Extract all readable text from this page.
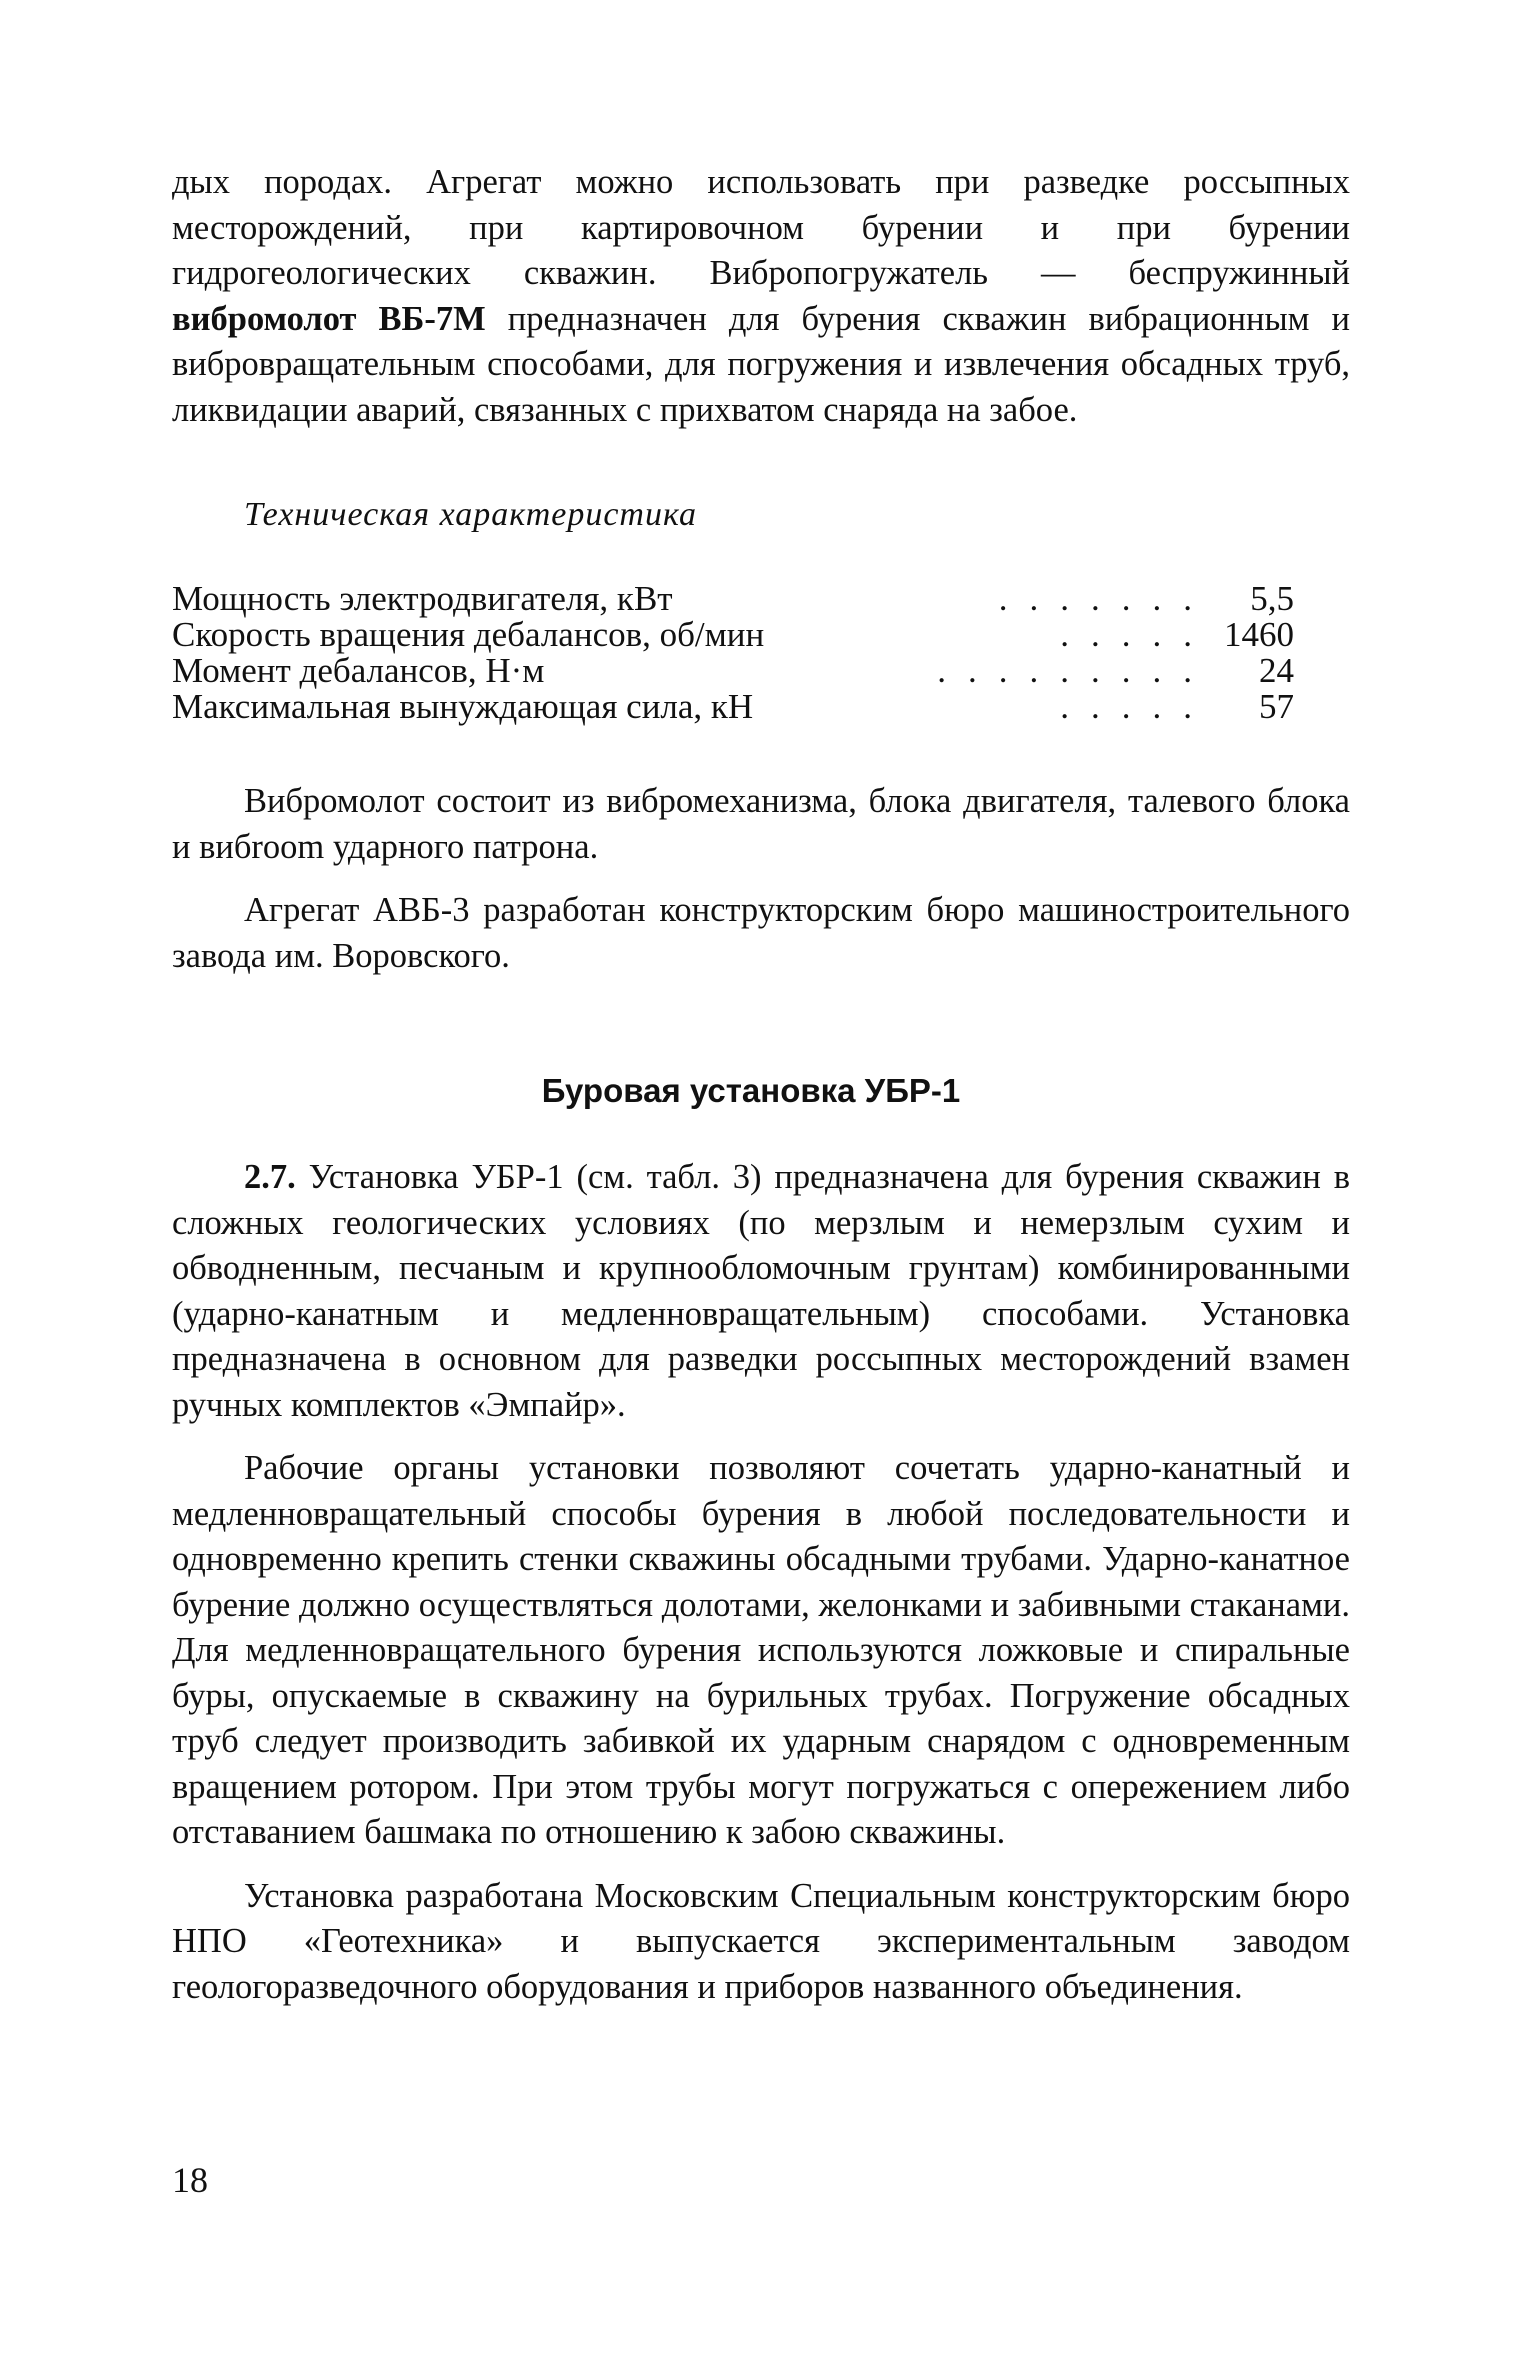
дых породах. Агрегат можно использовать при разведке россыпных месторождений, при картировочном бурении и при бурении гидрогеологических скважин. Вибропогружатель — беспружинный вибромолот ВБ-7М предназначен для бурения скважин вибрационным и вибровращательным способами, для погружения и извлечения обсадных труб, ликвидации аварий, связанных с прихватом снаряда на забое.

Техническая характеристика
Мощность электродвигателя, кВт	.......	5,5
Скорость вращения дебалансов, об/мин	.....	1460
Момент дебалансов, Н·м	.........	24
Максимальная вынуждающая сила, кН	.....	57

Вибромолот состоит из вибромеханизма, блока двигателя, талевого блока и вибroom ударного патрона.

Агрегат АВБ-3 разработан конструкторским бюро машиностроительного завода им. Воровского.

Буровая установка УБР-1

2.7. Установка УБР-1 (см. табл. 3) предназначена для бурения скважин в сложных геологических условиях (по мерзлым и немерзлым сухим и обводненным, песчаным и крупнообломочным грунтам) комбинированными (ударно-канатным и медленновращательным) способами. Установка предназначена в основном для разведки россыпных месторождений взамен ручных комплектов «Эмпайр».

Рабочие органы установки позволяют сочетать ударно-канатный и медленновращательный способы бурения в любой последовательности и одновременно крепить стенки скважины обсадными трубами. Ударно-канатное бурение должно осуществляться долотами, желонками и забивными стаканами. Для медленновращательного бурения используются ложковые и спиральные буры, опускаемые в скважину на бурильных трубах. Погружение обсадных труб следует производить забивкой их ударным снарядом с одновременным вращением ротором. При этом трубы могут погружаться с опережением либо отставанием башмака по отношению к забою скважины.

Установка разработана Московским Специальным конструкторским бюро НПО «Геотехника» и выпускается экспериментальным заводом геологоразведочного оборудования и приборов названного объединения.

18
